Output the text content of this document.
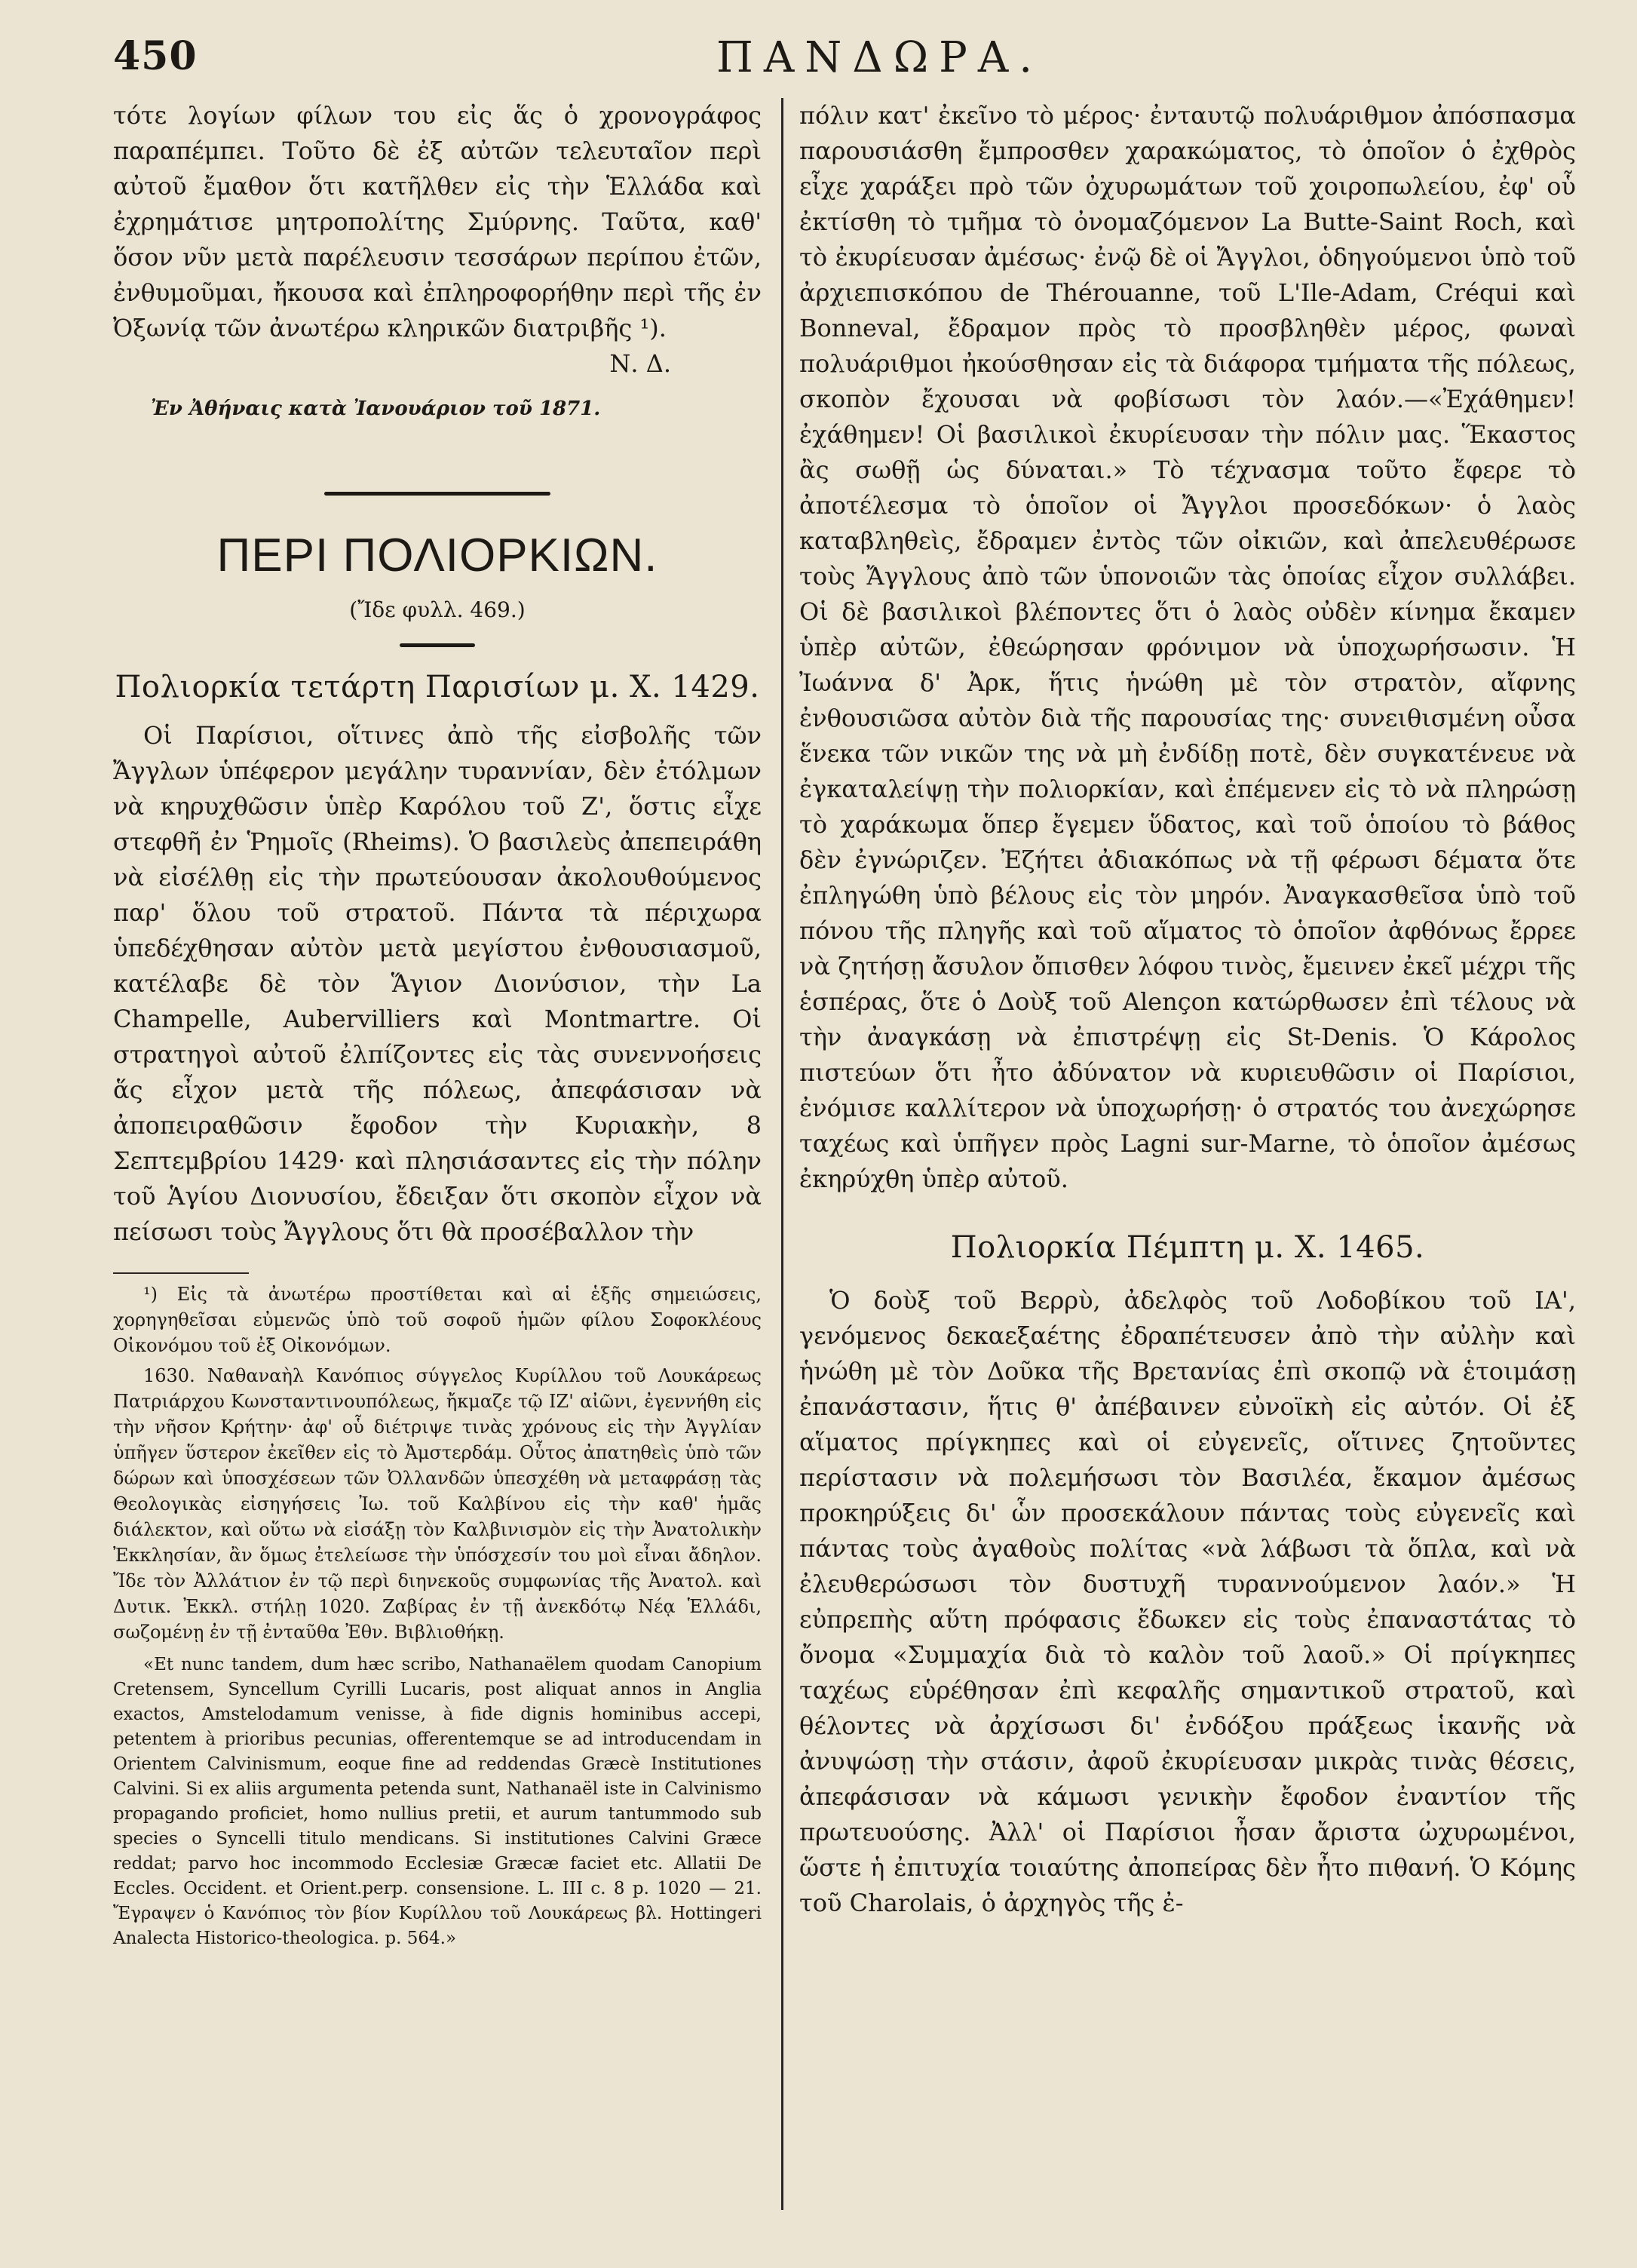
450	ΠΑΝΔΩΡΑ.

τότε λογίων φίλων του εἰς ἅς ὁ χρονογράφος παραπέμπει. Τοῦτο δὲ ἐξ αὐτῶν τελευταῖον περὶ αὐτοῦ ἔμαθον ὅτι κατῆλθεν εἰς τὴν Ἑλλάδα καὶ ἐχρημάτισε μητροπολίτης Σμύρνης. Ταῦτα, καθ' ὅσον νῦν μετὰ παρέλευσιν τεσσάρων περίπου ἐτῶν, ἐνθυμοῦμαι, ἤκουσα καὶ ἐπληροφορήθην περὶ τῆς ἐν Ὀξωνίᾳ τῶν ἀνωτέρω κληρικῶν διατριβῆς ¹).

Ν. Δ.
Ἐν Ἀθήναις κατὰ Ἰανουάριον τοῦ 1871.
ΠΕΡΙ ΠΟΛΙΟΡΚΙΩΝ.
(Ἴδε φυλλ. 469.)
Πολιορκία τετάρτη Παρισίων μ. Χ. 1429.

Οἱ Παρίσιοι, οἵτινες ἀπὸ τῆς εἰσβολῆς τῶν Ἄγγλων ὑπέφερον μεγάλην τυραννίαν, δὲν ἐτόλμων νὰ κηρυχθῶσιν ὑπὲρ Καρόλου τοῦ Ζ', ὅστις εἶχε στεφθῆ ἐν Ῥημοῖς (Rheims). Ὁ βασιλεὺς ἀπεπειράθη νὰ εἰσέλθῃ εἰς τὴν πρωτεύουσαν ἀκολουθούμενος παρ' ὅλου τοῦ στρατοῦ. Πάντα τὰ πέριχωρα ὑπεδέχθησαν αὐτὸν μετὰ μεγίστου ἐνθουσιασμοῦ, κατέλαβε δὲ τὸν Ἅγιον Διονύσιον, τὴν La Champelle, Aubervilliers καὶ Montmartre. Οἱ στρατηγοὶ αὐτοῦ ἐλπίζοντες εἰς τὰς συνεννοήσεις ἅς εἶχον μετὰ τῆς πόλεως, ἀπεφάσισαν νὰ ἀποπειραθῶσιν ἔφοδον τὴν Κυριακὴν, 8 Σεπτεμβρίου 1429· καὶ πλησιάσαντες εἰς τὴν πόλην τοῦ Ἁγίου Διονυσίου, ἔδειξαν ὅτι σκοπὸν εἶχον νὰ πείσωσι τοὺς Ἄγγλους ὅτι θὰ προσέβαλλον τὴν

¹) Εἰς τὰ ἀνωτέρω προστίθεται καὶ αἱ ἑξῆς σημειώσεις, χορηγηθεῖσαι εὐμενῶς ὑπὸ τοῦ σοφοῦ ἡμῶν φίλου Σοφοκλέους Οἰκονόμου τοῦ ἐξ Οἰκονόμων.

1630. Ναθαναὴλ Κανόπιος σύγγελος Κυρίλλου τοῦ Λουκάρεως Πατριάρχου Κωνσταντινουπόλεως, ἤκμαζε τῷ ΙΖ' αἰῶνι, ἐγεννήθη εἰς τὴν νῆσον Κρήτην· ἀφ' οὗ διέτριψε τινὰς χρόνους εἰς τὴν Ἀγγλίαν ὑπῆγεν ὕστερον ἐκεῖθεν εἰς τὸ Ἀμστερδάμ. Οὗτος ἀπατηθεὶς ὑπὸ τῶν δώρων καὶ ὑποσχέσεων τῶν Ὀλλανδῶν ὑπεσχέθη νὰ μεταφράσῃ τὰς Θεολογικὰς εἰσηγήσεις Ἰω. τοῦ Καλβίνου εἰς τὴν καθ' ἡμᾶς διάλεκτον, καὶ οὕτω νὰ εἰσάξῃ τὸν Καλβινισμὸν εἰς τὴν Ἀνατολικὴν Ἐκκλησίαν, ἂν ὅμως ἐτελείωσε τὴν ὑπόσχεσίν του μοὶ εἶναι ἄδηλον. Ἴδε τὸν Ἀλλάτιον ἐν τῷ περὶ διηνεκοῦς συμφωνίας τῆς Ἀνατολ. καὶ Δυτικ. Ἐκκλ. στήλῃ 1020. Ζαβίρας ἐν τῇ ἀνεκδότῳ Νέᾳ Ἑλλάδι, σωζομένῃ ἐν τῇ ἐνταῦθα Ἐθν. Βιβλιοθήκῃ.

«Et nunc tandem, dum hæc scribo, Nathanaëlem quodam Canopium Cretensem, Syncellum Cyrilli Lucaris, post aliquat annos in Anglia exactos, Amstelodamum venisse, à fide dignis hominibus accepi, petentem à prioribus pecunias, offerentemque se ad introducendam in Orientem Calvinismum, eoque fine ad reddendas Græcè Institutiones Calvini. Si ex aliis argumenta petenda sunt, Nathanaël iste in Calvinismo propagando proficiet, homo nullius pretii, et aurum tantummodo sub species o Syncelli titulo mendicans. Si institutiones Calvini Græce reddat; parvo hoc incommodo Ecclesiæ Græcæ faciet etc. Allatii De Eccles. Occident. et Orient.perp. consensione. L. III c. 8 p. 1020 — 21. Ἔγραψεν ὁ Κανόπιος τὸν βίον Κυρίλλου τοῦ Λουκάρεως βλ. Hottingeri Analecta Historico-theologica. p. 564.»

πόλιν κατ' ἐκεῖνο τὸ μέρος· ἐνταυτῷ πολυάριθμον ἀπόσπασμα παρουσιάσθη ἔμπροσθεν χαρακώματος, τὸ ὁποῖον ὁ ἐχθρὸς εἶχε χαράξει πρὸ τῶν ὀχυρωμάτων τοῦ χοιροπωλείου, ἐφ' οὗ ἐκτίσθη τὸ τμῆμα τὸ ὀνομαζόμενον La Butte-Saint Roch, καὶ τὸ ἐκυρίευσαν ἀμέσως· ἐνῷ δὲ οἱ Ἄγγλοι, ὁδηγούμενοι ὑπὸ τοῦ ἀρχιεπισκόπου de Thérouanne, τοῦ L'Ile-Adam, Créqui καὶ Bonneval, ἔδραμον πρὸς τὸ προσβληθὲν μέρος, φωναὶ πολυάριθμοι ἠκούσθησαν εἰς τὰ διάφορα τμήματα τῆς πόλεως, σκοπὸν ἔχουσαι νὰ φοβίσωσι τὸν λαόν.—«Ἐχάθημεν! ἐχάθημεν! Οἱ βασιλικοὶ ἐκυρίευσαν τὴν πόλιν μας. Ἕκαστος ἂς σωθῇ ὡς δύναται.» Τὸ τέχνασμα τοῦτο ἔφερε τὸ ἀποτέλεσμα τὸ ὁποῖον οἱ Ἄγγλοι προσεδόκων· ὁ λαὸς καταβληθεὶς, ἔδραμεν ἐντὸς τῶν οἰκιῶν, καὶ ἀπελευθέρωσε τοὺς Ἄγγλους ἀπὸ τῶν ὑπονοιῶν τὰς ὁποίας εἶχον συλλάβει. Οἱ δὲ βασιλικοὶ βλέποντες ὅτι ὁ λαὸς οὐδὲν κίνημα ἔκαμεν ὑπὲρ αὐτῶν, ἐθεώρησαν φρόνιμον νὰ ὑποχωρήσωσιν. Ἡ Ἰωάννα δ' Ἀρκ, ἥτις ἡνώθη μὲ τὸν στρατὸν, αἴφνης ἐνθουσιῶσα αὐτὸν διὰ τῆς παρουσίας της· συνειθισμένη οὖσα ἕνεκα τῶν νικῶν της νὰ μὴ ἐνδίδῃ ποτὲ, δὲν συγκατένευε νὰ ἐγκαταλείψῃ τὴν πολιορκίαν, καὶ ἐπέμενεν εἰς τὸ νὰ πληρώσῃ τὸ χαράκωμα ὅπερ ἔγεμεν ὕδατος, καὶ τοῦ ὁποίου τὸ βάθος δὲν ἐγνώριζεν. Ἐζήτει ἀδιακόπως νὰ τῇ φέρωσι δέματα ὅτε ἐπληγώθη ὑπὸ βέλους εἰς τὸν μηρόν. Ἀναγκασθεῖσα ὑπὸ τοῦ πόνου τῆς πληγῆς καὶ τοῦ αἵματος τὸ ὁποῖον ἀφθόνως ἔρρεε νὰ ζητήσῃ ἄσυλον ὄπισθεν λόφου τινὸς, ἔμεινεν ἐκεῖ μέχρι τῆς ἑσπέρας, ὅτε ὁ Δοὺξ τοῦ Alençon κατώρθωσεν ἐπὶ τέλους νὰ τὴν ἀναγκάσῃ νὰ ἐπιστρέψῃ εἰς St-Denis. Ὁ Κάρολος πιστεύων ὅτι ἦτο ἀδύνατον νὰ κυριευθῶσιν οἱ Παρίσιοι, ἐνόμισε καλλίτερον νὰ ὑποχωρήσῃ· ὁ στρατός του ἀνεχώρησε ταχέως καὶ ὑπῆγεν πρὸς Lagni sur-Marne, τὸ ὁποῖον ἀμέσως ἐκηρύχθη ὑπὲρ αὐτοῦ.

Πολιορκία Πέμπτη μ. Χ. 1465.

Ὁ δοὺξ τοῦ Βερρὺ, ἀδελφὸς τοῦ Λοδοβίκου τοῦ ΙΑ', γενόμενος δεκαεξαέτης ἐδραπέτευσεν ἀπὸ τὴν αὐλὴν καὶ ἡνώθη μὲ τὸν Δοῦκα τῆς Βρετανίας ἐπὶ σκοπῷ νὰ ἑτοιμάσῃ ἐπανάστασιν, ἥτις θ' ἀπέβαινεν εὐνοϊκὴ εἰς αὐτόν. Οἱ ἐξ αἵματος πρίγκηπες καὶ οἱ εὐγενεῖς, οἵτινες ζητοῦντες περίστασιν νὰ πολεμήσωσι τὸν Βασιλέα, ἔκαμον ἀμέσως προκηρύξεις δι' ὧν προσεκάλουν πάντας τοὺς εὐγενεῖς καὶ πάντας τοὺς ἀγαθοὺς πολίτας «νὰ λάβωσι τὰ ὅπλα, καὶ νὰ ἐλευθερώσωσι τὸν δυστυχῆ τυραννούμενον λαόν.» Ἡ εὐπρεπὴς αὕτη πρόφασις ἔδωκεν εἰς τοὺς ἐπαναστάτας τὸ ὄνομα «Συμμαχία διὰ τὸ καλὸν τοῦ λαοῦ.» Οἱ πρίγκηπες ταχέως εὑρέθησαν ἐπὶ κεφαλῆς σημαντικοῦ στρατοῦ, καὶ θέλοντες νὰ ἀρχίσωσι δι' ἐνδόξου πράξεως ἱκανῆς νὰ ἀνυψώσῃ τὴν στάσιν, ἀφοῦ ἐκυρίευσαν μικρὰς τινὰς θέσεις, ἀπεφάσισαν νὰ κάμωσι γενικὴν ἔφοδον ἐναντίον τῆς πρωτευούσης. Ἀλλ' οἱ Παρίσιοι ἦσαν ἄριστα ὠχυρωμένοι, ὥστε ἡ ἐπιτυχία τοιαύτης ἀποπείρας δὲν ἦτο πιθανή. Ὁ Κόμης τοῦ Charolais, ὁ ἀρχηγὸς τῆς ἐ-
